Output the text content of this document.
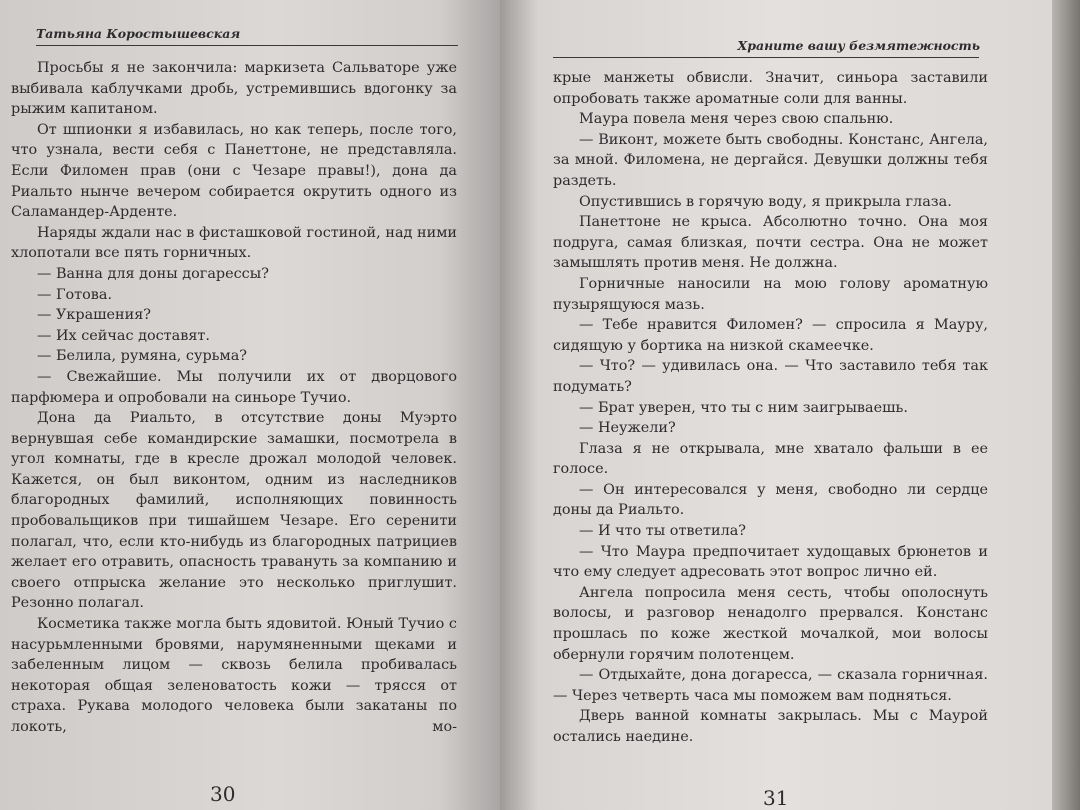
Татьяна Коростышевская

Просьбы я не закончила: маркизета Сальваторе уже выбивала каблучками дробь, устремившись вдогонку за рыжим капитаном.

От шпионки я избавилась, но как теперь, после того, что узнала, вести себя с Панеттоне, не представляла. Если Филомен прав (они с Чезаре правы!), дона да Риальто нынче вечером собирается окрутить одного из Саламандер-Арденте.

Наряды ждали нас в фисташковой гостиной, над ними хлопотали все пять горничных.

— Ванна для доны догарессы?

— Готова.

— Украшения?

— Их сейчас доставят.

— Белила, румяна, сурьма?

— Свежайшие. Мы получили их от дворцового парфюмера и опробовали на синьоре Тучио.

Дона да Риальто, в отсутствие доны Муэрто вернувшая себе командирские замашки, посмотрела в угол комнаты, где в кресле дрожал молодой человек. Кажется, он был виконтом, одним из наследников благородных фамилий, исполняющих повинность пробовальщиков при тишайшем Чезаре. Его серенити полагал, что, если кто-нибудь из благородных патрициев желает его отравить, опасность травануть за компанию и своего отпрыска желание это несколько приглушит. Резонно полагал.

Косметика также могла быть ядовитой. Юный Тучио с насурьмленными бровями, нарумяненными щеками и забеленным лицом — сквозь белила пробивалась некоторая общая зеленоватость кожи — трясся от страха. Рукава молодого человека были закатаны по локоть, мо-

30
Храните вашу безмятежность

крые манжеты обвисли. Значит, синьора заставили опробовать также ароматные соли для ванны.

Маура повела меня через свою спальню.

— Виконт, можете быть свободны. Констанс, Ангела, за мной. Филомена, не дергайся. Девушки должны тебя раздеть.

Опустившись в горячую воду, я прикрыла глаза.

Панеттоне не крыса. Абсолютно точно. Она моя подруга, самая близкая, почти сестра. Она не может замышлять против меня. Не должна.

Горничные наносили на мою голову ароматную пузырящуюся мазь.

— Тебе нравится Филомен? — спросила я Мауру, сидящую у бортика на низкой скамеечке.

— Что? — удивилась она. — Что заставило тебя так подумать?

— Брат уверен, что ты с ним заигрываешь.

— Неужели?

Глаза я не открывала, мне хватало фальши в ее голосе.

— Он интересовался у меня, свободно ли сердце доны да Риальто.

— И что ты ответила?

— Что Маура предпочитает худощавых брюнетов и что ему следует адресовать этот вопрос лично ей.

Ангела попросила меня сесть, чтобы ополоснуть волосы, и разговор ненадолго прервался. Констанс прошлась по коже жесткой мочалкой, мои волосы обернули горячим полотенцем.

— Отдыхайте, дона догаресса, — сказала горничная. — Через четверть часа мы поможем вам подняться.

Дверь ванной комнаты закрылась. Мы с Маурой остались наедине.

31
